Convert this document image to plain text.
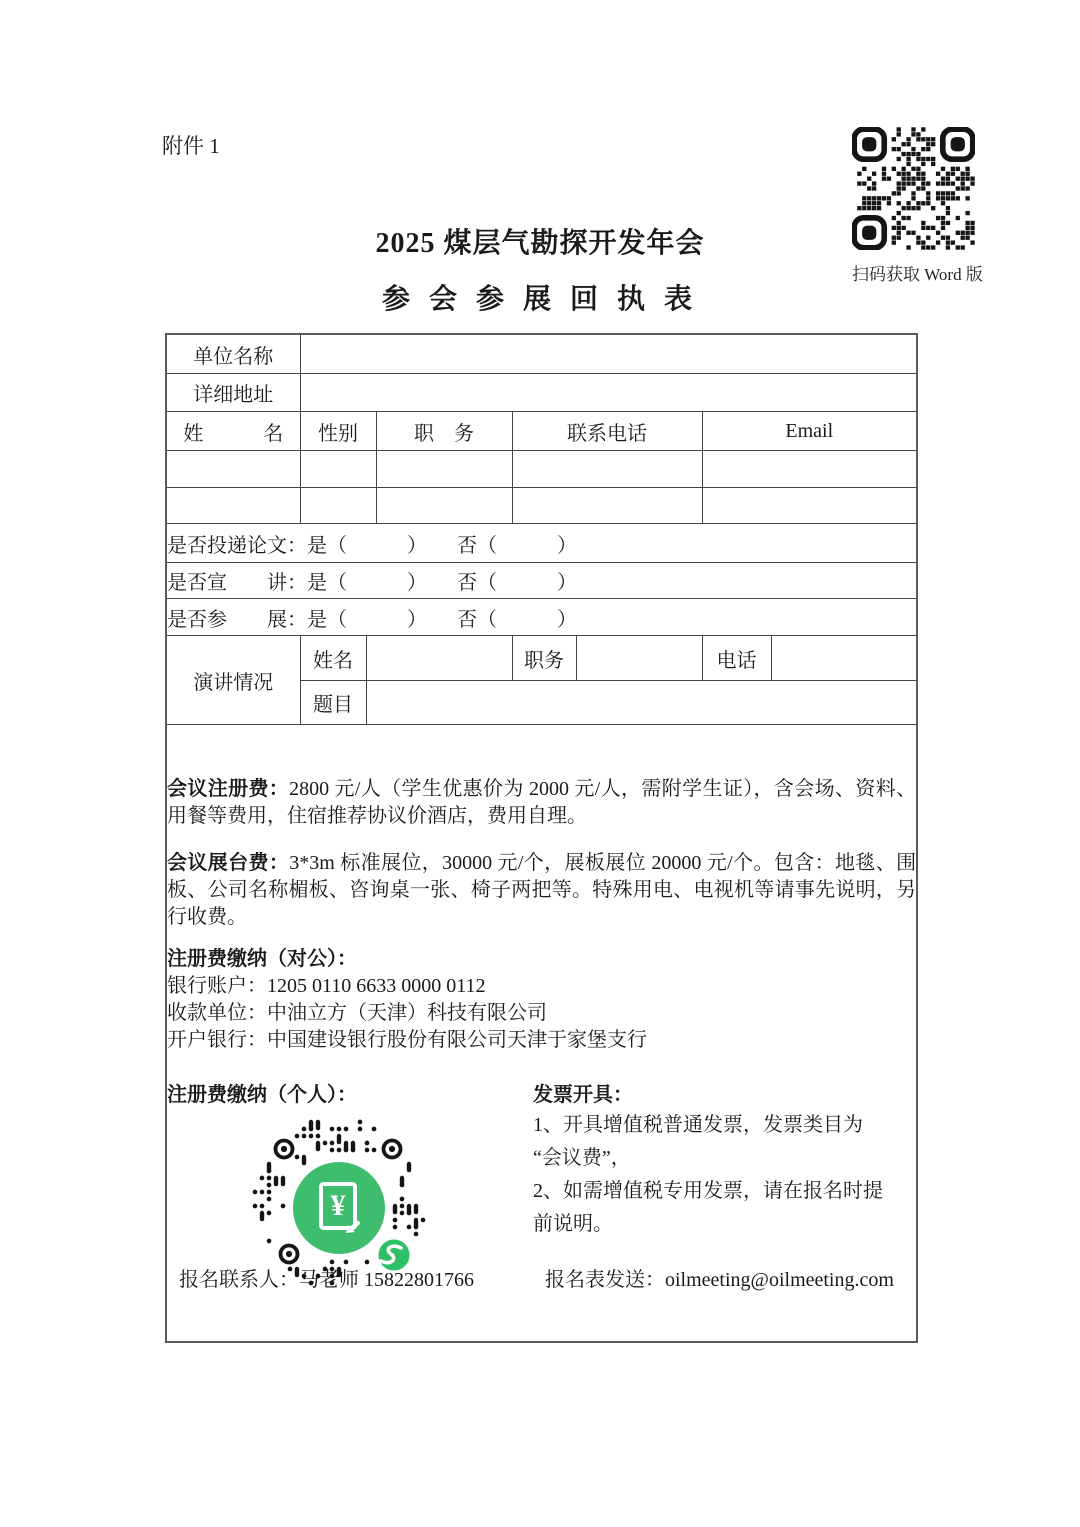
附件 1
扫码获取 Word 版
2025 煤层气勘探开发年会
参 会 参 展 回 执 表
单位名称							
详细地址							
姓　　　名	性别		职　务	联系电话		Email	

是否投递论文：是（　　　）　　否（　　　）							
是否宣　　讲：是（　　　）　　否（　　　）							
是否参　　展：是（　　　）　　否（　　　）							
演讲情况	姓名			职务		电话	
	题目						

会议注册费：2800 元/人（学生优惠价为 2000 元/人，需附学生证），含会场、资料、用餐等费用，住宿推荐协议价酒店，费用自理。
会议展台费：3*3m 标准展位，30000 元/个，展板展位 20000 元/个。包含：地毯、围板、公司名称楣板、咨询桌一张、椅子两把等。特殊用电、电视机等请事先说明，另行收费。
注册费缴纳（对公）：
银行账户：1205 0110 6633 0000 0112
收款单位：中油立方（天津）科技有限公司
开户银行：中国建设银行股份有限公司天津于家堡支行
注册费缴纳（个人）：
¥
发票开具：
1、开具增值税普通发票，发票类目为
“会议费”，
2、如需增值税专用发票，请在报名时提
前说明。
报名联系人：马老师 15822801766	报名表发送：oilmeeting@oilmeeting.com
